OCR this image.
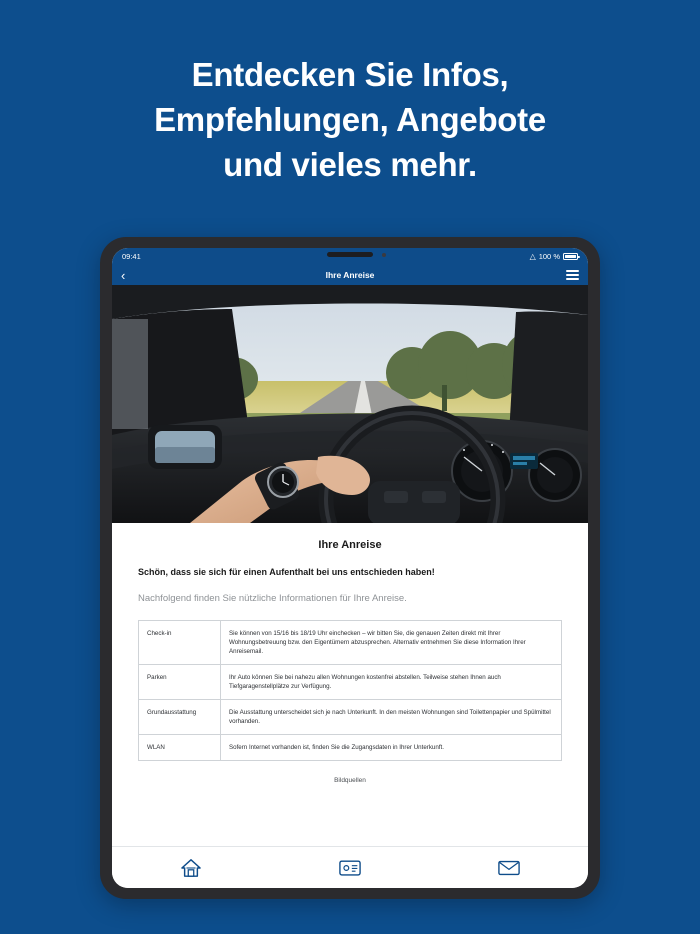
Entdecken Sie Infos,
Empfehlungen, Angebote
und vieles mehr.
09:41	△ 100 %
‹	Ihre Anreise
Ihre Anreise
Schön, dass sie sich für einen Aufenthalt bei uns entschieden haben!
Nachfolgend finden Sie nützliche Informationen für Ihre Anreise.
Check-in	Sie können von 15/16 bis 18/19 Uhr einchecken – wir bitten Sie, die genauen Zeiten direkt mit Ihrer Wohnungsbetreuung bzw. den Eigentümern abzusprechen. Alternativ entnehmen Sie diese Information Ihrer Anreisemail.
Parken	Ihr Auto können Sie bei nahezu allen Wohnungen kostenfrei abstellen. Teilweise stehen Ihnen auch Tiefgaragenstellplätze zur Verfügung.
Grundausstattung	Die Ausstattung unterscheidet sich je nach Unterkunft. In den meisten Wohnungen sind Toilettenpapier und Spülmittel vorhanden.
WLAN	Sofern Internet vorhanden ist, finden Sie die Zugangsdaten in Ihrer Unterkunft.
Bildquellen
